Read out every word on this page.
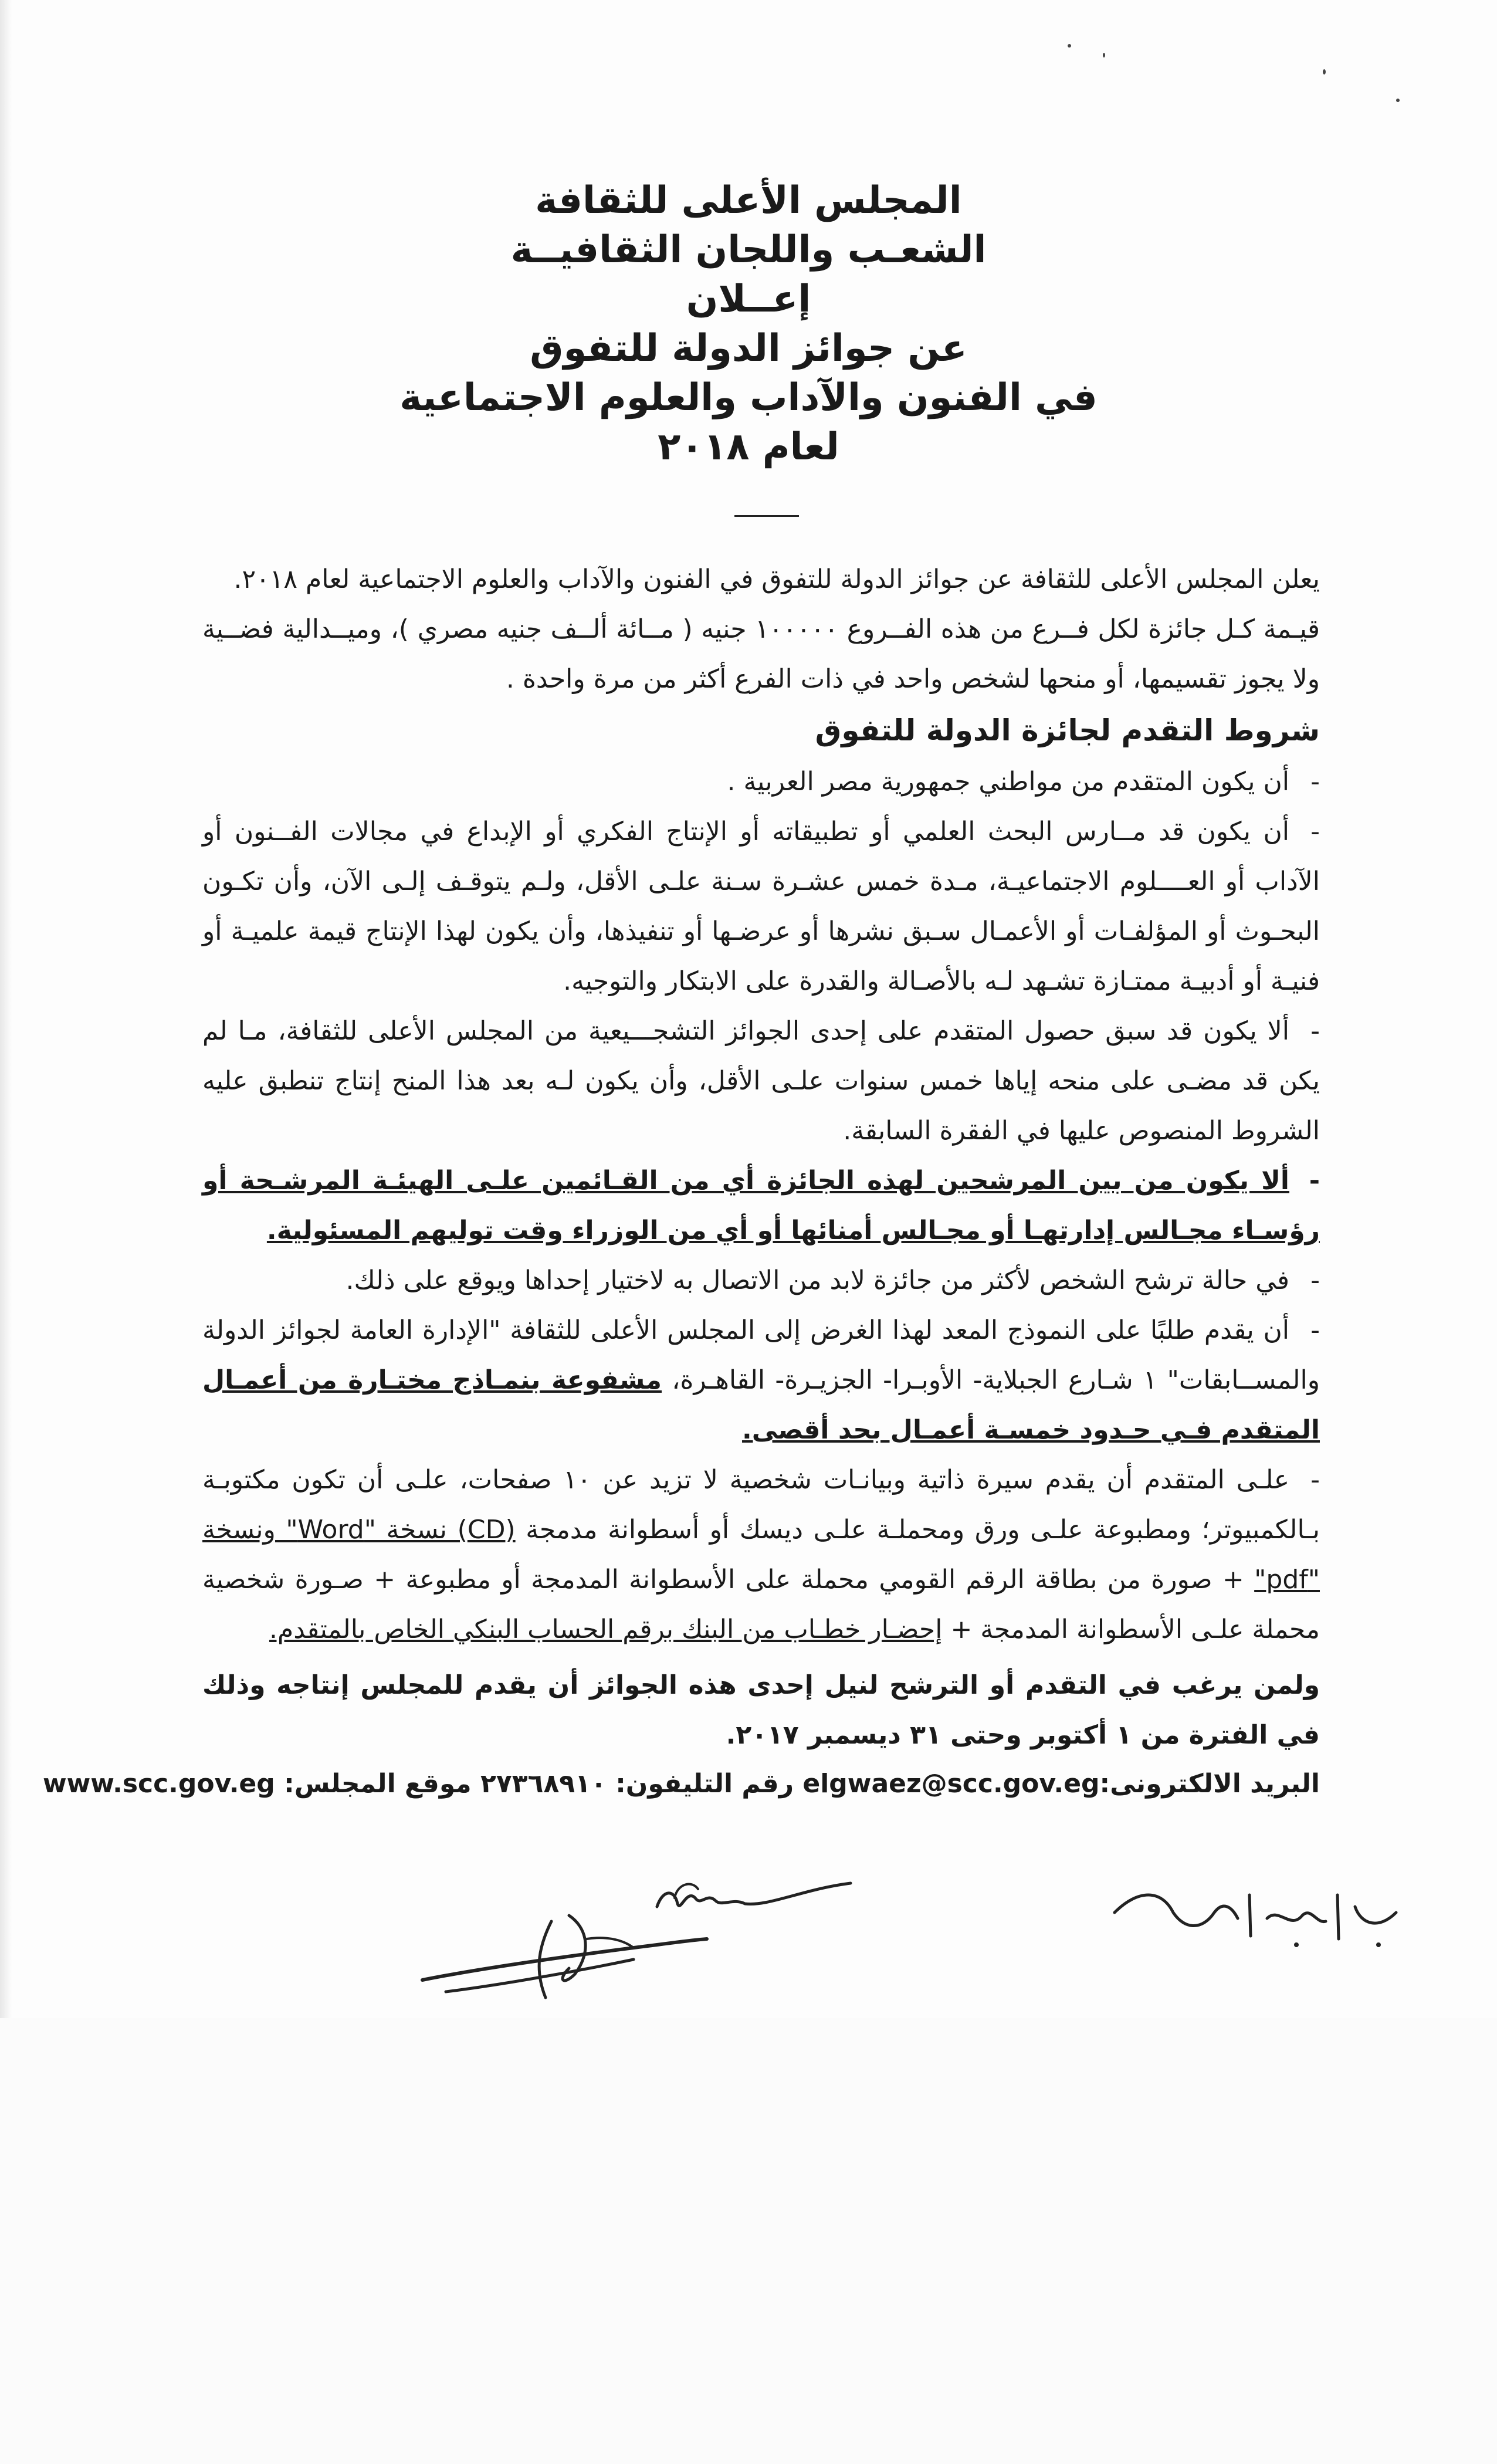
المجلس الأعلى للثقافة
الشعـب واللجان الثقافيــة
إعــلان
عن جوائز الدولة للتفوق
في الفنون والآداب والعلوم الاجتماعية
لعام ٢٠١٨

يعلن المجلس الأعلى للثقافة عن جوائز الدولة للتفوق في الفنون والآداب والعلوم الاجتماعية لعام ٢٠١٨.

قيـمة كـل جائزة لكل فــرع من هذه الفــروع ١٠٠٠٠٠ جنيه ( مــائة ألــف جنيه مصري )، وميــدالية فضــية ولا يجوز تقسيمها، أو منحها لشخص واحد في ذات الفرع أكثر من مرة واحدة .

شروط التقدم لجائزة الدولة للتفوق

-أن يكون المتقدم من مواطني جمهورية مصر العربية .

-أن يكون قد مــارس البحث العلمي أو تطبيقاته أو الإنتاج الفكري أو الإبداع في مجالات الفــنون أو الآداب أو العــــلوم الاجتماعيـة، مـدة خمس عشـرة سـنة علـى الأقل، ولـم يتوقـف إلـى الآن، وأن تكـون البحـوث أو المؤلفـات أو الأعمـال سـبق نشرها أو عرضـها أو تنفيذها، وأن يكون لهذا الإنتاج قيمة علميـة أو فنيـة أو أدبيـة ممتـازة تشـهد لـه بالأصـالة والقدرة على الابتكار والتوجيه.

-ألا يكون قد سبق حصول المتقدم على إحدى الجوائز التشجـــيعية من المجلس الأعلى للثقافة، مـا لم يكن قد مضـى على منحه إياها خمس سنوات علـى الأقل، وأن يكون لـه بعد هذا المنح إنتاج تنطبق عليه الشروط المنصوص عليها في الفقرة السابقة.

-ألا يكون من بين المرشحين لهذه الجائزة أي من القـائمين علـى الهيئـة المرشـحة أو رؤسـاء مجـالس إدارتهـا أو مجـالس أمنائها أو أي من الوزراء وقت توليهم المسئولية.

-في حالة ترشح الشخص لأكثر من جائزة لابد من الاتصال به لاختيار إحداها ويوقع على ذلك.

-أن يقدم طلبًا على النموذج المعد لهذا الغرض إلى المجلس الأعلى للثقافة "الإدارة العامة لجوائز الدولة والمســابقات" ١ شـارع الجبلاية- الأوبـرا- الجزيـرة- القاهـرة، مشفوعة بنمـاذج مختـارة من أعمـال المتقدم فـي حـدود خمسـة أعمـال بحد أقصى.

-علـى المتقدم أن يقدم سيرة ذاتية وبيانـات شخصية لا تزيد عن ١٠ صفحات، علـى أن تكون مكتوبـة بـالكمبيوتر؛ ومطبوعة علـى ورق ومحملـة علـى ديسك أو أسطوانة مدمجة (CD) نسخة "Word" ونسخة "pdf" + صورة من بطاقة الرقم القومي محملة على الأسطوانة المدمجة أو مطبوعة + صـورة شخصية محملة علـى الأسطوانة المدمجة + إحضـار خطـاب من البنك برقم الحساب البنكي الخاص بالمتقدم.

ولمن يرغب في التقدم أو الترشح لنيل إحدى هذه الجوائز أن يقدم للمجلس إنتاجه وذلك في الفترة من ١ أكتوبر وحتى ٣١ ديسمبر ٢٠١٧.

البريد الالكترونى:elgwaez@scc.gov.eg رقم التليفون: ٢٧٣٦٨٩١٠ موقع المجلس: www.scc.gov.eg
